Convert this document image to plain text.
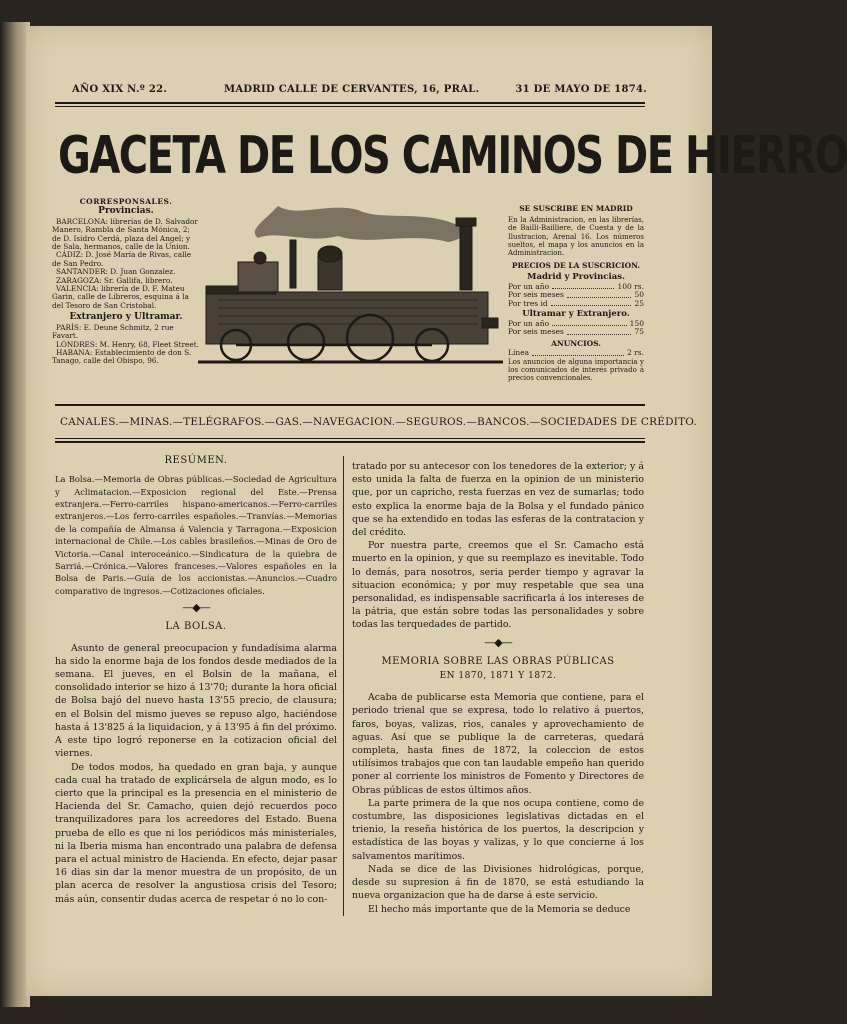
AÑO XIX N.º 22.	MADRID CALLE DE CERVANTES, 16, PRAL.	31 DE MAYO DE 1874.
GACETA DE LOS CAMINOS DE HIERRO
CORRESPONSALES.
Provincias.

BARCELONA: librerías de D. Salvador Manero, Rambla de Santa Mónica, 2; de D. Isidro Cerdá, plaza del Angel; y de Sala, hermanos, calle de la Union.

CÁDIZ: D. José María de Rivas, calle de San Pedro.

SANTANDER: D. Juan Gonzalez.

ZARAGOZA: Sr. Gallifa, librero.

VALENCIA: librería de D. F. Mateu Garin, calle de Libreros, esquina á la del Tesoro de San Cristobal.

Extranjero y Ultramar.

PARÍS: E. Deune Schmitz, 2 rue Favart.

LÓNDRES: M. Henry, 68, Fleet Street.

HABANA: Establecimiento de don S. Tanago, calle del Obispo, 96.

SE SUSCRIBE EN MADRID
En la Administracion, en las librerías, de Bailli-Bailliere, de Cuesta y de la Ilustracion, Arenal 16. Los números sueltos, el mapa y los anuncios en la Administracion.
PRECIOS DE LA SUSCRICION.
Madrid y Provincias.
Por un año	100 rs.
Por seis meses	50
Por tres id	25
Ultramar y Extranjero.
Por un año	150
Por seis meses	75
ANUNCIOS.
Línea	2 rs.
Los anuncios de alguna importancia y los comunicados de interés privado á precios convencionales.
CANALES.—MINAS.—TELÉGRAFOS.—GAS.—NAVEGACION.—SEGUROS.—BANCOS.—SOCIEDADES DE CRÉDITO.
RESÚMEN.

La Bolsa.—Memoria de Obras públicas.—Sociedad de Agricultura y Aclimatacion.—Exposicion regional del Este.—Prensa extranjera.—Ferro-carriles hispano-americanos.—Ferro-carriles extranjeros.—Los ferro-carriles españoles.—Tranvías.—Memorias de la compañía de Almansa á Valencia y Tarragona.—Exposicion internacional de Chile.—Los cables brasileños.—Minas de Oro de Victoria.—Canal interoceánico.—Sindicatura de la quiebra de Sarriá.—Crónica.—Valores franceses.—Valores españoles en la Bolsa de Paris.—Guía de los accionistas.—Anuncios.—Cuadro comparativo de ingresos.—Cotizaciones oficiales.

—◆—
LA BOLSA.

Asunto de general preocupacion y fundadísima alarma ha sido la enorme baja de los fondos desde mediados de la semana. El jueves, en el Bolsin de la mañana, el consolidado interior se hizo á 13'70; durante la hora oficial de Bolsa bajó del nuevo hasta 13'55 precio, de clausura; en el Bolsin del mismo jueves se repuso algo, haciéndose hasta á 13'825 á la liquidacion, y á 13'95 á fin del próximo. A este tipo logró reponerse en la cotizacion oficial del viernes.

De todos modos, ha quedado en gran baja, y aunque cada cual ha tratado de explicársela de algun modo, es lo cierto que la principal es la presencia en el ministerio de Hacienda del Sr. Camacho, quien dejó recuerdos poco tranquilizadores para los acreedores del Estado. Buena prueba de ello es que ni los periódicos más ministeriales, ni la Iberia misma han encontrado una palabra de defensa para el actual ministro de Hacienda. En efecto, dejar pasar 16 dias sin dar la menor muestra de un propósito, de un plan acerca de resolver la angustiosa crisis del Tesoro; más aún, consentir dudas acerca de respetar ó no lo con-

tratado por su antecesor con los tenedores de la exterior; y á esto unida la falta de fuerza en la opinion de un ministerio que, por un capricho, resta fuerzas en vez de sumarlas; todo esto explica la enorme baja de la Bolsa y el fundado pánico que se ha extendido en todas las esferas de la contratacion y del crédito.

Por nuestra parte, creemos que el Sr. Camacho está muerto en la opinion, y que su reemplazo es inevitable. Todo lo demás, para nosotros, seria perder tiempo y agravar la situacion económica; y por muy respetable que sea una personalidad, es indispensable sacrificarla á los intereses de la pátria, que están sobre todas las personalidades y sobre todas las terquedades de partido.

—◆—
MEMORIA SOBRE LAS OBRAS PÚBLICAS
EN 1870, 1871 Y 1872.

Acaba de publicarse esta Memoria que contiene, para el periodo trienal que se expresa, todo lo relativo á puertos, faros, boyas, valizas, rios, canales y aprovechamiento de aguas. Así que se publique la de carreteras, quedará completa, hasta fines de 1872, la coleccion de estos utilísimos trabajos que con tan laudable empeño han querido poner al corriente los ministros de Fomento y Directores de Obras públicas de estos últimos años.

La parte primera de la que nos ocupa contiene, como de costumbre, las disposiciones legislativas dictadas en el trienio, la reseña histórica de los puertos, la descripcion y estadística de las boyas y valizas, y lo que concierne á los salvamentos marítimos.

Nada se dice de las Divisiones hidrológicas, porque, desde su supresion á fin de 1870, se está estudiando la nueva organizacion que ha de darse á este servicio.

El hecho más importante que de la Memoria se deduce
